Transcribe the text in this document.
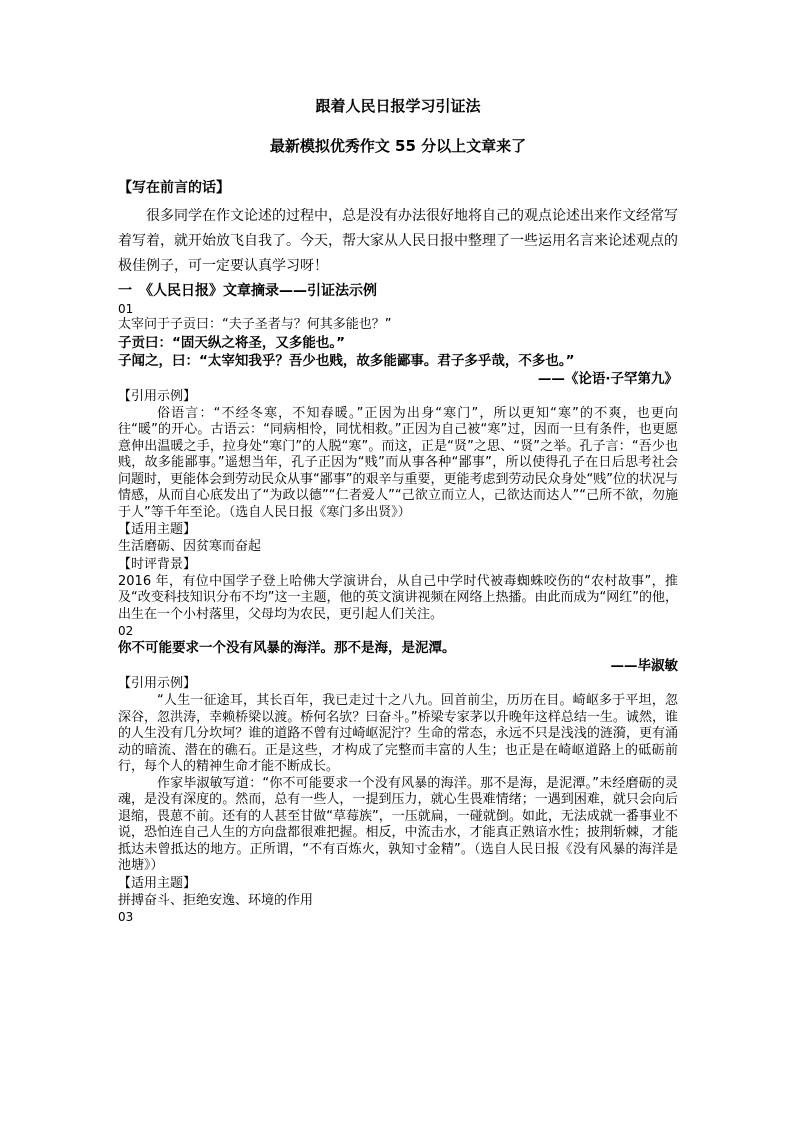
跟着人民日报学习引证法

最新模拟优秀作文 55 分以上文章来了

【写在前言的话】

很多同学在作文论述的过程中，总是没有办法很好地将自己的观点论述出来作文经常写着写着，就开始放飞自我了。今天，帮大家从人民日报中整理了一些运用名言来论述观点的极佳例子，可一定要认真学习呀！

一　《人民日报》文章摘录——引证法示例

01

太宰问于子贡曰：“夫子圣者与？何其多能也？”

子贡曰：“固天纵之将圣，又多能也。”

子闻之，曰：“太宰知我乎？吾少也贱，故多能鄙事。君子多乎哉，不多也。”

——《论语·子罕第九》

【引用示例】

俗语言：“不经冬寒，不知春暖。”正因为出身“寒门”，所以更知“寒”的不爽，也更向往“暖”的开心。古语云：“同病相怜，同忧相救。”正因为自己被“寒”过，因而一旦有条件，也更愿意伸出温暖之手，拉身处“寒门”的人脱“寒”。而这，正是“贤”之思、“贤”之举。孔子言：“吾少也贱，故多能鄙事。”遥想当年，孔子正因为“贱”而从事各种“鄙事”，所以使得孔子在日后思考社会问题时，更能体会到劳动民众从事“鄙事”的艰辛与重要，更能考虑到劳动民众身处“贱”位的状况与情感，从而自心底发出了“为政以德”“仁者爱人”“己欲立而立人，己欲达而达人”“己所不欲，勿施于人”等千年至论。（选自人民日报《寒门多出贤》）

【适用主题】

生活磨砺、因贫寒而奋起

【时评背景】

2016 年，有位中国学子登上哈佛大学演讲台，从自己中学时代被毒蜘蛛咬伤的“农村故事”，推及“改变科技知识分布不均”这一主题，他的英文演讲视频在网络上热播。由此而成为“网红”的他，出生在一个小村落里，父母均为农民，更引起人们关注。

02

你不可能要求一个没有风暴的海洋。那不是海，是泥潭。

——毕淑敏

【引用示例】

“人生一征途耳，其长百年，我已走过十之八九。回首前尘，历历在目。崎岖多于平坦，忽深谷，忽洪涛，幸赖桥梁以渡。桥何名欤？曰奋斗。”桥梁专家茅以升晚年这样总结一生。诚然，谁的人生没有几分坎坷？谁的道路不曾有过崎岖泥泞？生命的常态，永远不只是浅浅的涟漪，更有涌动的暗流、潜在的礁石。正是这些，才构成了完整而丰富的人生；也正是在崎岖道路上的砥砺前行，每个人的精神生命才能不断成长。

作家毕淑敏写道：“你不可能要求一个没有风暴的海洋。那不是海，是泥潭。”未经磨砺的灵魂，是没有深度的。然而，总有一些人，一提到压力，就心生畏难情绪；一遇到困难，就只会向后退缩，畏葸不前。还有的人甚至甘做“草莓族”，一压就扁，一碰就倒。如此，无法成就一番事业不说，恐怕连自己人生的方向盘都很难把握。相反，中流击水，才能真正熟谙水性；披荆斩棘，才能抵达未曾抵达的地方。正所谓，“不有百炼火，孰知寸金精”。（选自人民日报《没有风暴的海洋是池塘》）

【适用主题】

拼搏奋斗、拒绝安逸、环境的作用

03
